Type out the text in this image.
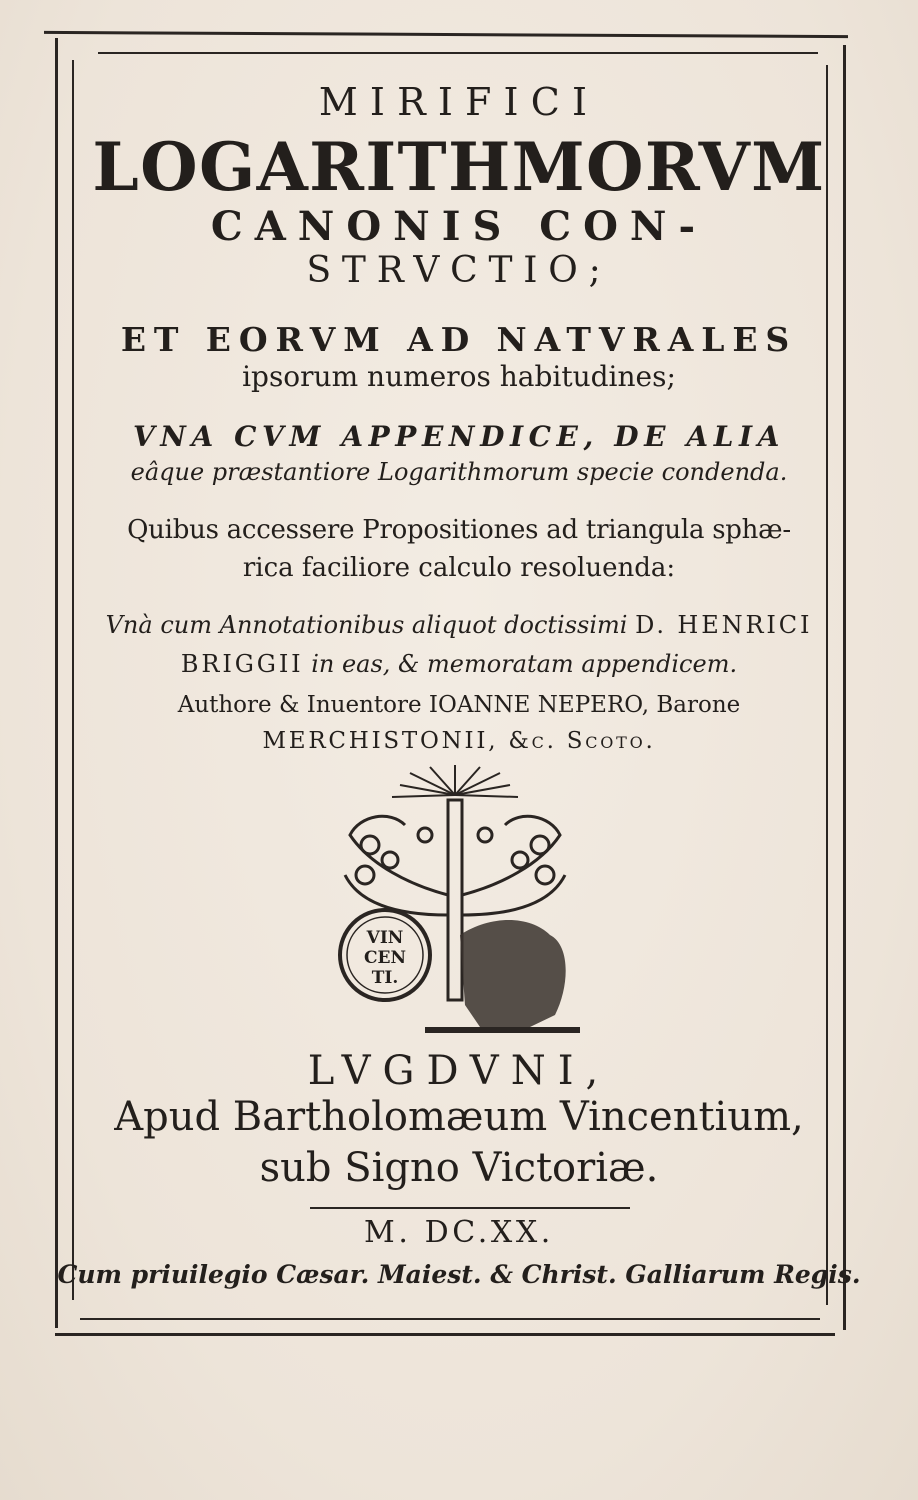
MIRIFICI
LOGARITHMORVM
CANONIS CON-
STRVCTIO;
ET EORVM AD NATVRALES
ipsorum numeros habitudines;
VNA CVM APPENDICE, DE ALIA
eâque præstantiore Logarithmorum specie condenda.
Quibus accessere Propositiones ad triangula sphæ-
rica faciliore calculo resoluenda:
Vnà cum Annotationibus aliquot doctissimi D. HENRICI
BRIGGII in eas, & memoratam appendicem.
Authore & Inuentore IOANNE NEPERO, Barone
MERCHISTONII, &c. Scoto.
VIN
CEN
TI.
LVGDVNI,
Apud Bartholomæum Vincentium,
sub Signo Victoriæ.
M. DC.XX.
Cum priuilegio Cæsar. Maiest. & Christ. Galliarum Regis.
